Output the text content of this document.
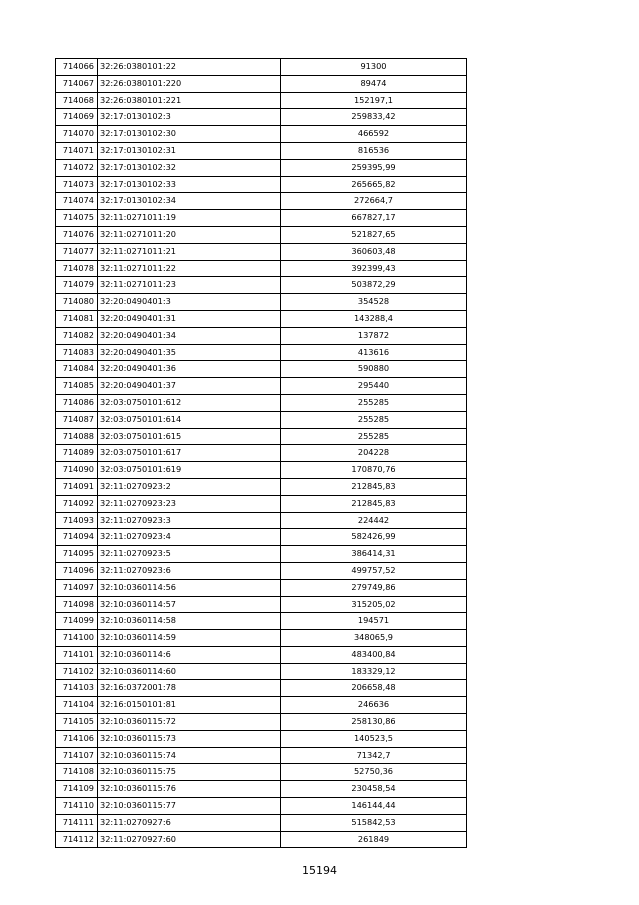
714066	32:26:0380101:22	91300
714067	32:26:0380101:220	89474
714068	32:26:0380101:221	152197,1
714069	32:17:0130102:3	259833,42
714070	32:17:0130102:30	466592
714071	32:17:0130102:31	816536
714072	32:17:0130102:32	259395,99
714073	32:17:0130102:33	265665,82
714074	32:17:0130102:34	272664,7
714075	32:11:0271011:19	667827,17
714076	32:11:0271011:20	521827,65
714077	32:11:0271011:21	360603,48
714078	32:11:0271011:22	392399,43
714079	32:11:0271011:23	503872,29
714080	32:20:0490401:3	354528
714081	32:20:0490401:31	143288,4
714082	32:20:0490401:34	137872
714083	32:20:0490401:35	413616
714084	32:20:0490401:36	590880
714085	32:20:0490401:37	295440
714086	32:03:0750101:612	255285
714087	32:03:0750101:614	255285
714088	32:03:0750101:615	255285
714089	32:03:0750101:617	204228
714090	32:03:0750101:619	170870,76
714091	32:11:0270923:2	212845,83
714092	32:11:0270923:23	212845,83
714093	32:11:0270923:3	224442
714094	32:11:0270923:4	582426,99
714095	32:11:0270923:5	386414,31
714096	32:11:0270923:6	499757,52
714097	32:10:0360114:56	279749,86
714098	32:10:0360114:57	315205,02
714099	32:10:0360114:58	194571
714100	32:10:0360114:59	348065,9
714101	32:10:0360114:6	483400,84
714102	32:10:0360114:60	183329,12
714103	32:16:0372001:78	206658,48
714104	32:16:0150101:81	246636
714105	32:10:0360115:72	258130,86
714106	32:10:0360115:73	140523,5
714107	32:10:0360115:74	71342,7
714108	32:10:0360115:75	52750,36
714109	32:10:0360115:76	230458,54
714110	32:10:0360115:77	146144,44
714111	32:11:0270927:6	515842,53
714112	32:11:0270927:60	261849
15194
